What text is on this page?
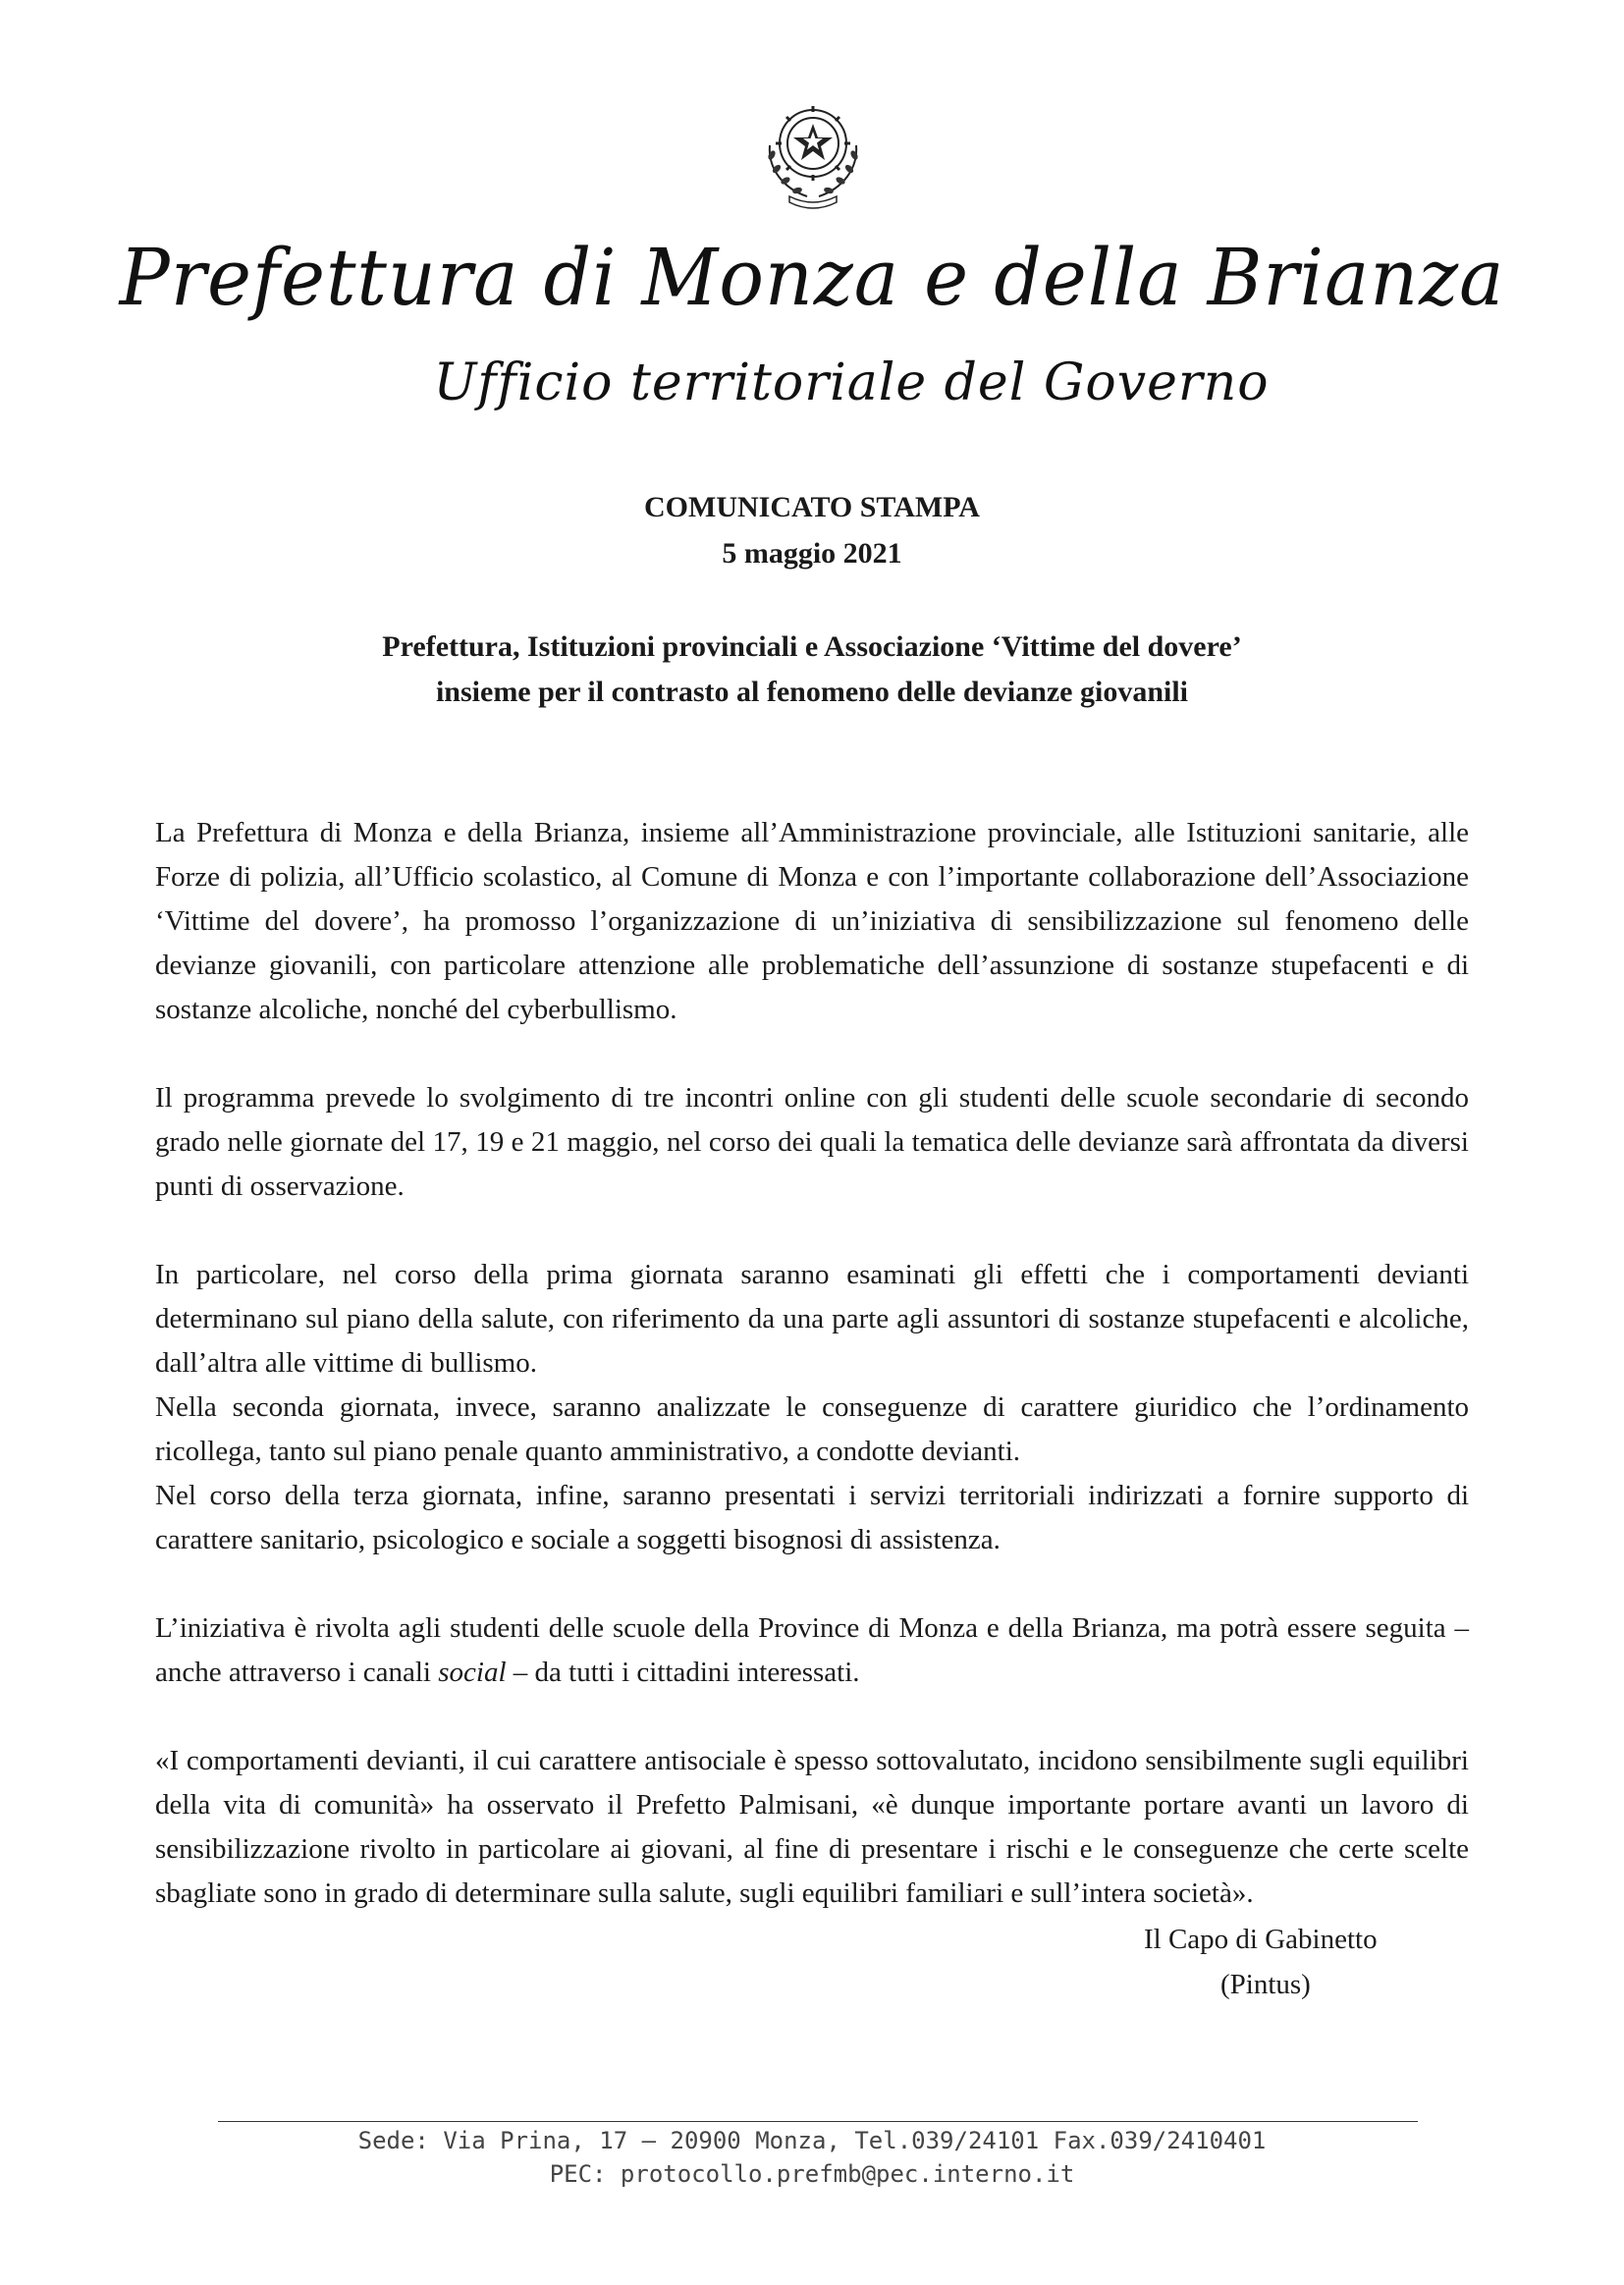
Prefettura di Monza e della Brianza
Ufficio territoriale del Governo

COMUNICATO STAMPA

5 maggio 2021

Prefettura, Istituzioni provinciali e Associazione ‘Vittime del dovere’
insieme per il contrasto al fenomeno delle devianze giovanili

La Prefettura di Monza e della Brianza, insieme all’Amministrazione provinciale, alle Istituzioni sanitarie, alle Forze di polizia, all’Ufficio scolastico, al Comune di Monza e con l’importante collaborazione dell’Associazione ‘Vittime del dovere’, ha promosso l’organizzazione di un’iniziativa di sensibilizzazione sul fenomeno delle devianze giovanili, con particolare attenzione alle problematiche dell’assunzione di sostanze stupefacenti e di sostanze alcoliche, nonché del cyberbullismo.

Il programma prevede lo svolgimento di tre incontri online con gli studenti delle scuole secondarie di secondo grado nelle giornate del 17, 19 e 21 maggio, nel corso dei quali la tematica delle devianze sarà affrontata da diversi punti di osservazione.

In particolare, nel corso della prima giornata saranno esaminati gli effetti che i comportamenti devianti determinano sul piano della salute, con riferimento da una parte agli assuntori di sostanze stupefacenti e alcoliche, dall’altra alle vittime di bullismo.
Nella seconda giornata, invece, saranno analizzate le conseguenze di carattere giuridico che l’ordinamento ricollega, tanto sul piano penale quanto amministrativo, a condotte devianti.
Nel corso della terza giornata, infine, saranno presentati i servizi territoriali indirizzati a fornire supporto di carattere sanitario, psicologico e sociale a soggetti bisognosi di assistenza.

L’iniziativa è rivolta agli studenti delle scuole della Province di Monza e della Brianza, ma potrà essere seguita – anche attraverso i canali social – da tutti i cittadini interessati.

«I comportamenti devianti, il cui carattere antisociale è spesso sottovalutato, incidono sensibilmente sugli equilibri della vita di comunità» ha osservato il Prefetto Palmisani, «è dunque importante portare avanti un lavoro di sensibilizzazione rivolto in particolare ai giovani, al fine di presentare i rischi e le conseguenze che certe scelte sbagliate sono in grado di determinare sulla salute, sugli equilibri familiari e sull’intera società».

Il Capo di Gabinetto
(Pintus)

Sede: Via Prina, 17 – 20900 Monza, Tel.039/24101 Fax.039/2410401

PEC: protocollo.prefmb@pec.interno.it
